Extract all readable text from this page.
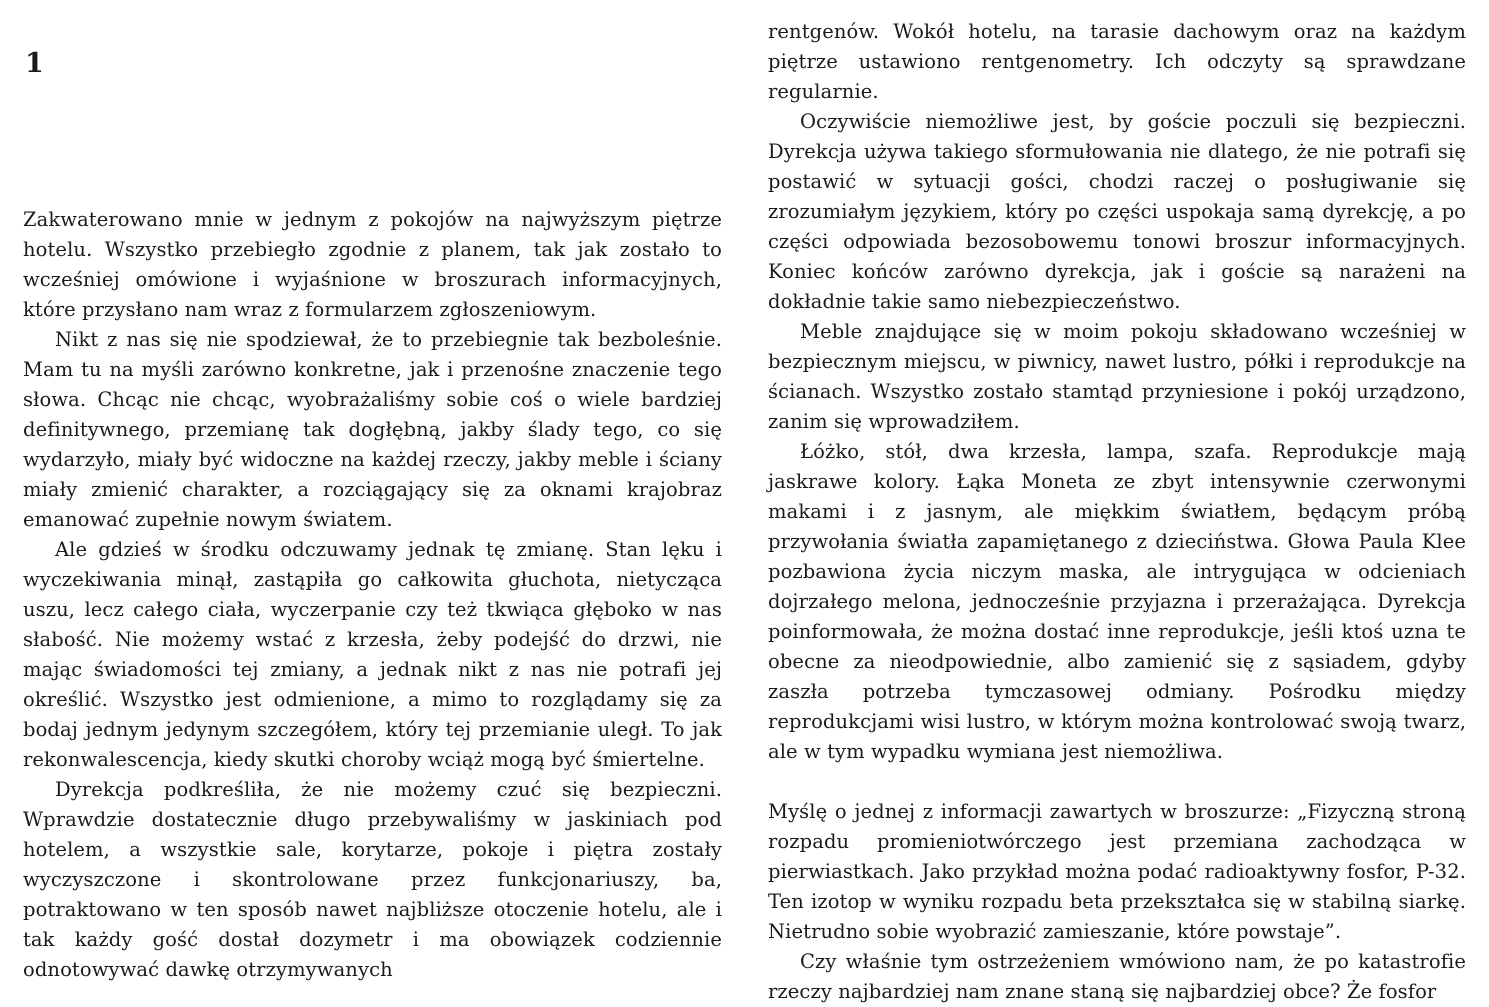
1

Zakwaterowano mnie w jednym z pokojów na najwyższym piętrze hotelu. Wszystko przebiegło zgodnie z planem, tak jak zostało to wcześniej omówione i wyjaśnione w broszurach informacyjnych, które przysłano nam wraz z formularzem zgłoszeniowym.

Nikt z nas się nie spodziewał, że to przebiegnie tak bezboleśnie. Mam tu na myśli zarówno konkretne, jak i przenośne znaczenie tego słowa. Chcąc nie chcąc, wyobrażaliśmy sobie coś o wiele bardziej definitywnego, przemianę tak dogłębną, jakby ślady tego, co się wydarzyło, miały być widoczne na każdej rzeczy, jakby meble i ściany miały zmienić charakter, a rozciągający się za oknami krajobraz emanować zupełnie nowym światem.

Ale gdzieś w środku odczuwamy jednak tę zmianę. Stan lęku i wyczekiwania minął, zastąpiła go całkowita głuchota, nietycząca uszu, lecz całego ciała, wyczerpanie czy też tkwiąca głęboko w nas słabość. Nie możemy wstać z krzesła, żeby podejść do drzwi, nie mając świadomości tej zmiany, a jednak nikt z nas nie potrafi jej określić. Wszystko jest odmienione, a mimo to rozglądamy się za bodaj jednym jedynym szczegółem, który tej przemianie uległ. To jak rekonwalescencja, kiedy skutki choroby wciąż mogą być śmiertelne.

Dyrekcja podkreśliła, że nie możemy czuć się bezpieczni. Wprawdzie dostatecznie długo przebywaliśmy w jaskiniach pod hotelem, a wszystkie sale, korytarze, pokoje i piętra zostały wyczyszczone i skontrolowane przez funkcjonariuszy, ba, potraktowano w ten sposób nawet najbliższe otoczenie hotelu, ale i tak każdy gość dostał dozymetr i ma obowiązek codziennie odnotowywać dawkę otrzymywanych

rentgenów. Wokół hotelu, na tarasie dachowym oraz na każdym piętrze ustawiono rentgenometry. Ich odczyty są sprawdzane regularnie.

Oczywiście niemożliwe jest, by goście poczuli się bezpieczni. Dyrekcja używa takiego sformułowania nie dlatego, że nie potrafi się postawić w sytuacji gości, chodzi raczej o posługiwanie się zrozumiałym językiem, który po części uspokaja samą dyrekcję, a po części odpowiada bezosobowemu tonowi broszur informacyjnych. Koniec końców zarówno dyrekcja, jak i goście są narażeni na dokładnie takie samo niebezpieczeństwo.

Meble znajdujące się w moim pokoju składowano wcześniej w bezpiecznym miejscu, w piwnicy, nawet lustro, półki i reprodukcje na ścianach. Wszystko zostało stamtąd przyniesione i pokój urządzono, zanim się wprowadziłem.

Łóżko, stół, dwa krzesła, lampa, szafa. Reprodukcje mają jaskrawe kolory. Łąka Moneta ze zbyt intensywnie czerwonymi makami i z jasnym, ale miękkim światłem, będącym próbą przywołania światła zapamiętanego z dzieciństwa. Głowa Paula Klee pozbawiona życia niczym maska, ale intrygująca w odcieniach dojrzałego melona, jednocześnie przyjazna i przerażająca. Dyrekcja poinformowała, że można dostać inne reprodukcje, jeśli ktoś uzna te obecne za nieodpowiednie, albo zamienić się z sąsiadem, gdyby zaszła potrzeba tymczasowej odmiany. Pośrodku między reprodukcjami wisi lustro, w którym można kontrolować swoją twarz, ale w tym wypadku wymiana jest niemożliwa.

Myślę o jednej z informacji zawartych w broszurze: „Fizyczną stroną rozpadu promieniotwórczego jest przemiana zachodząca w pierwiastkach. Jako przykład można podać radioaktywny fosfor, P-32. Ten izotop w wyniku rozpadu beta przekształca się w stabilną siarkę. Nietrudno sobie wyobrazić zamieszanie, które powstaje”.

Czy właśnie tym ostrzeżeniem wmówiono nam, że po katastrofie rzeczy najbardziej nam znane staną się najbardziej obce? Że fosfor
